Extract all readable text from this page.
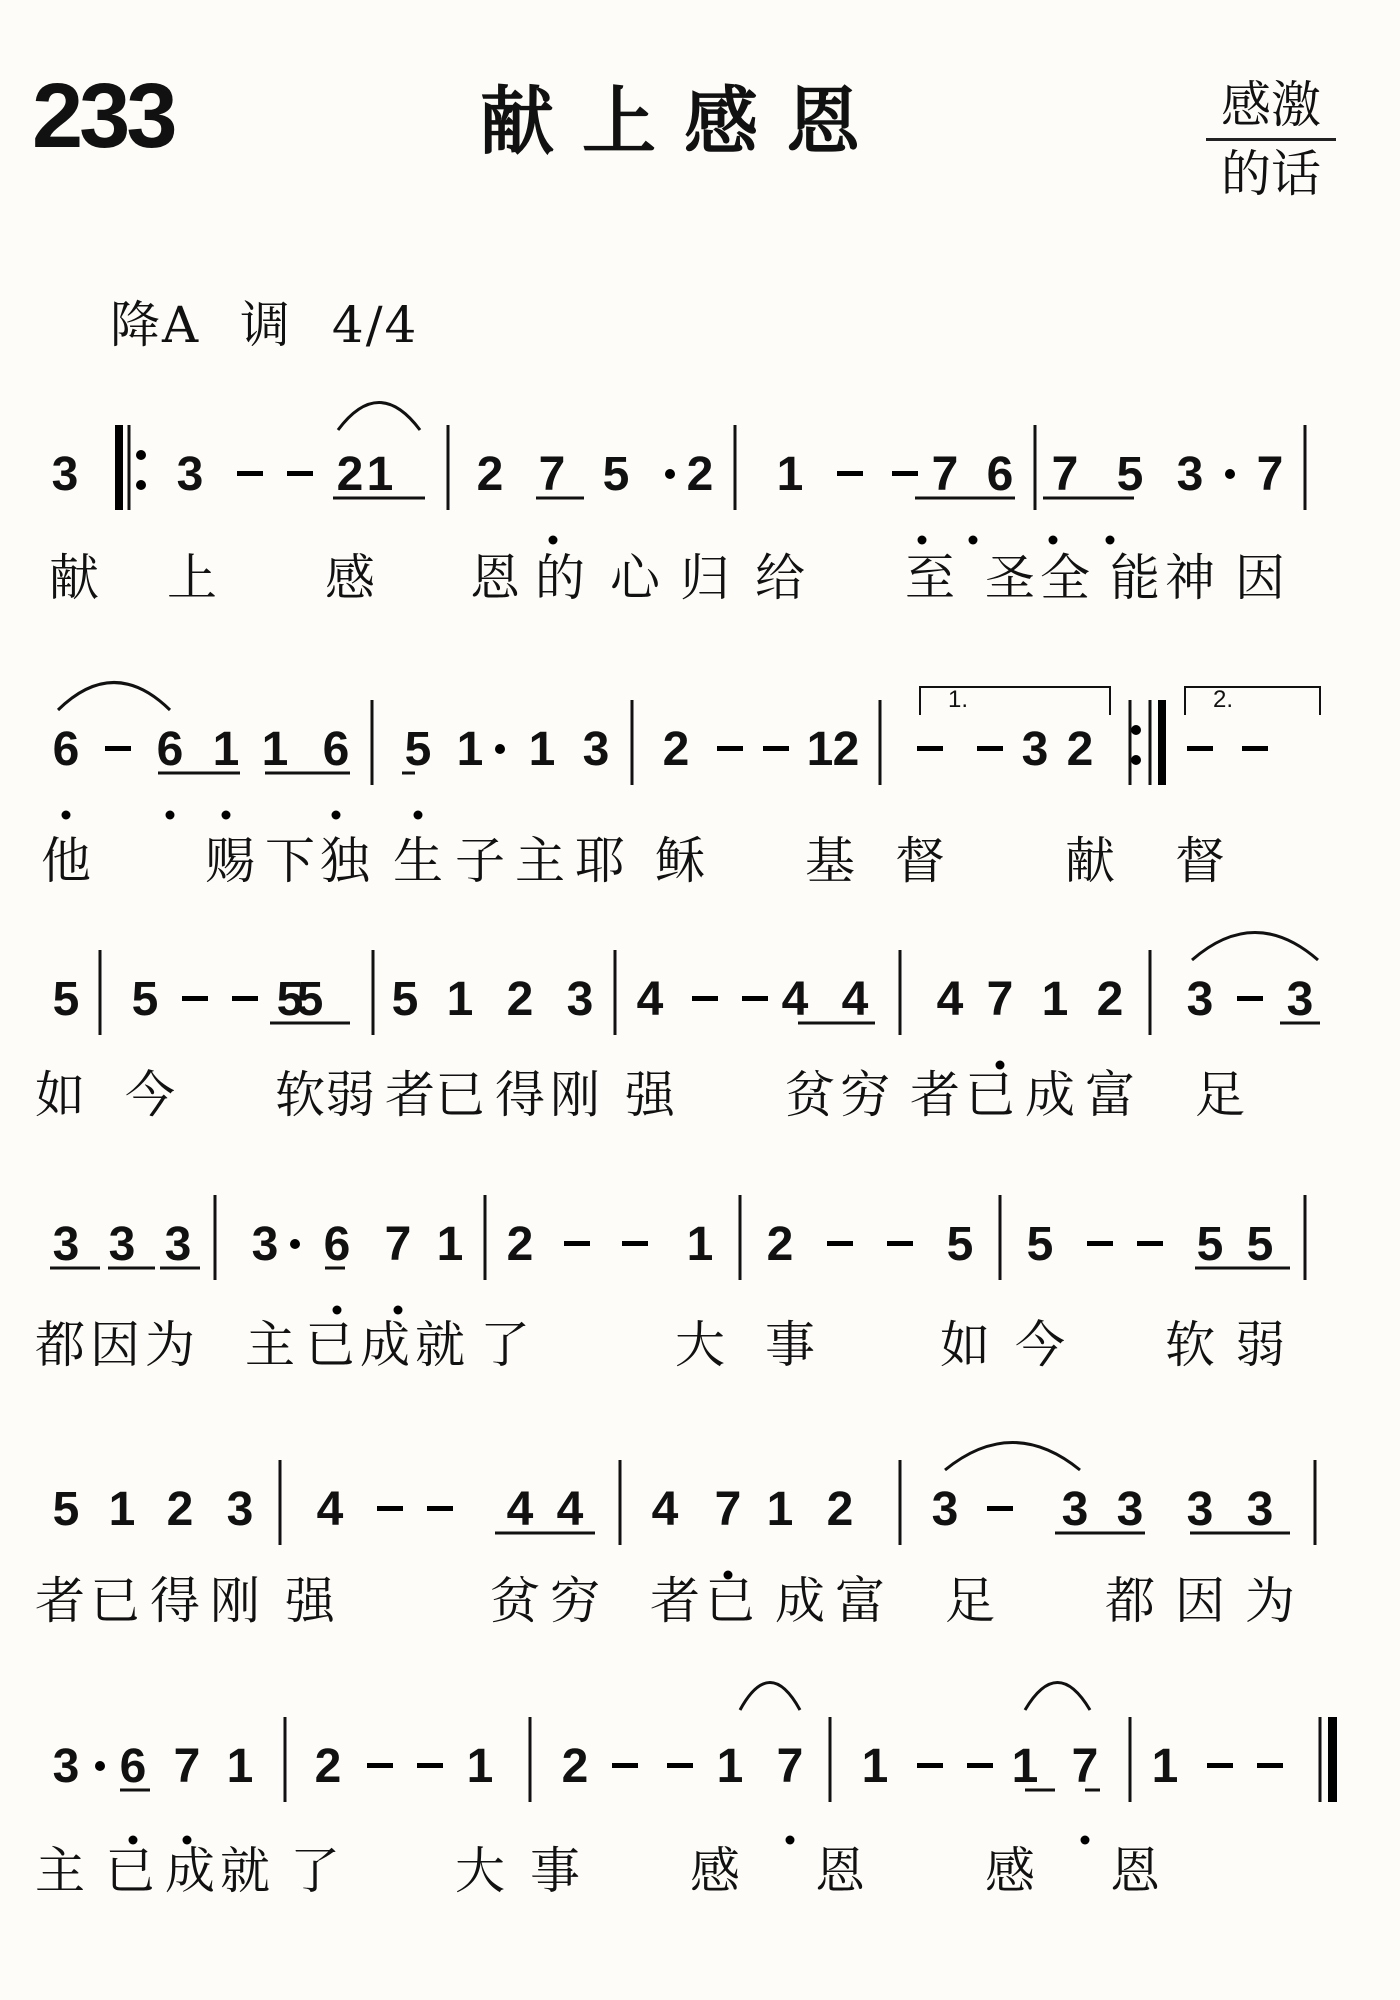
233	献上感恩	感激
的话
降A 调 4/4
3 3	2 1 2 7 5 2 1	7 6 7 5 3 7
献 上 感 恩 的 心 归 给 至 圣 全 能 神 因
6 6 1 1 6 5 1 1 3 2 1 2	3 2
1.	2.
他 赐 下 独 生 子 主 耶 稣 基 督 献 督
5 5 5
5 5 1 2 3 4 4 4 4 7 1 2 3 3
如 今 软 弱 者 已 得 刚 强 贫 穷 者 已 成 富 足
3 3 3 3 6 7 1 2	1 2	5 5	5 5
都 因 为 主 已 成 就 了	大 事	如 今 软 弱
5 1 2 3 4	4 4 4 7 1 2 3 3 3 3 3
者 已 得 刚 强	贫 穷 者 已 成 富 足 都 因 为
3 6 7 1 2	1 2	1 7 1	1 7 1
主 已 成 就 了 大 事 感 恩 感 恩
